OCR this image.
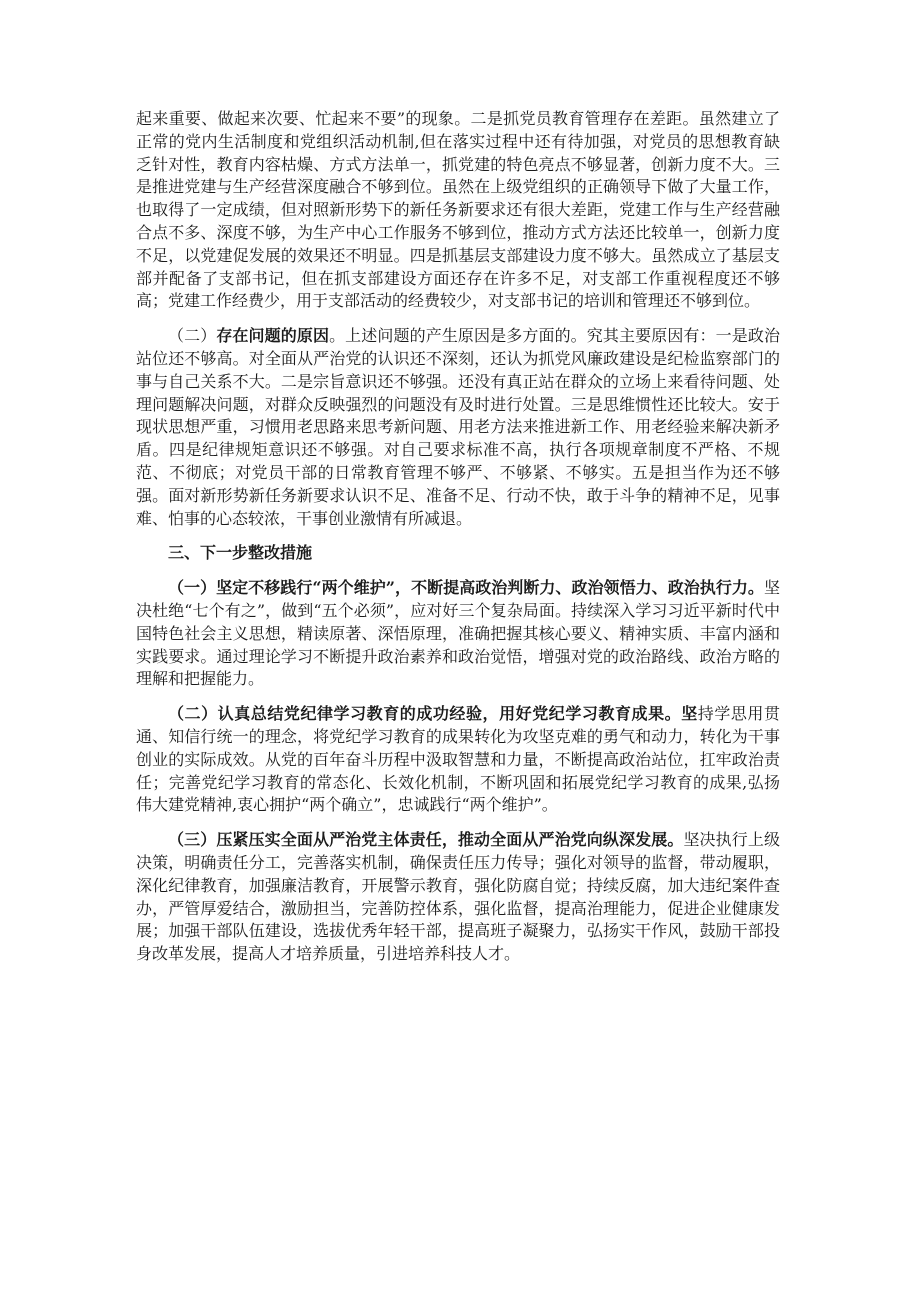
起来重要、做起来次要、忙起来不要”的现象。二是抓党员教育管理存在差距。虽然建立了正常的党内生活制度和党组织活动机制,但在落实过程中还有待加强，对党员的思想教育缺乏针对性，教育内容枯燥、方式方法单一，抓党建的特色亮点不够显著，创新力度不大。三是推进党建与生产经营深度融合不够到位。虽然在上级党组织的正确领导下做了大量工作，也取得了一定成绩，但对照新形势下的新任务新要求还有很大差距，党建工作与生产经营融合点不多、深度不够，为生产中心工作服务不够到位，推动方式方法还比较单一，创新力度不足，以党建促发展的效果还不明显。四是抓基层支部建设力度不够大。虽然成立了基层支部并配备了支部书记，但在抓支部建设方面还存在许多不足，对支部工作重视程度还不够高；党建工作经费少，用于支部活动的经费较少，对支部书记的培训和管理还不够到位。

（二）存在问题的原因。上述问题的产生原因是多方面的。究其主要原因有：一是政治站位还不够高。对全面从严治党的认识还不深刻，还认为抓党风廉政建设是纪检监察部门的事与自己关系不大。二是宗旨意识还不够强。还没有真正站在群众的立场上来看待问题、处理问题解决问题，对群众反映强烈的问题没有及时进行处置。三是思维惯性还比较大。安于现状思想严重，习惯用老思路来思考新问题、用老方法来推进新工作、用老经验来解决新矛盾。四是纪律规矩意识还不够强。对自己要求标准不高，执行各项规章制度不严格、不规范、不彻底；对党员干部的日常教育管理不够严、不够紧、不够实。五是担当作为还不够强。面对新形势新任务新要求认识不足、准备不足、行动不快，敢于斗争的精神不足，见事难、怕事的心态较浓，干事创业激情有所减退。

三、下一步整改措施

（一）坚定不移践行“两个维护”，不断提高政治判断力、政治领悟力、政治执行力。坚决杜绝“七个有之”，做到“五个必须”，应对好三个复杂局面。持续深入学习习近平新时代中国特色社会主义思想，精读原著、深悟原理，准确把握其核心要义、精神实质、丰富内涵和实践要求。通过理论学习不断提升政治素养和政治觉悟，增强对党的政治路线、政治方略的理解和把握能力。

（二）认真总结党纪律学习教育的成功经验，用好党纪学习教育成果。坚持学思用贯通、知信行统一的理念，将党纪学习教育的成果转化为攻坚克难的勇气和动力，转化为干事创业的实际成效。从党的百年奋斗历程中汲取智慧和力量，不断提高政治站位，扛牢政治责任；完善党纪学习教育的常态化、长效化机制，不断巩固和拓展党纪学习教育的成果,弘扬伟大建党精神,衷心拥护“两个确立”，忠诚践行“两个维护”。

（三）压紧压实全面从严治党主体责任，推动全面从严治党向纵深发展。坚决执行上级决策，明确责任分工，完善落实机制，确保责任压力传导；强化对领导的监督，带动履职，深化纪律教育，加强廉洁教育，开展警示教育，强化防腐自觉；持续反腐，加大违纪案件查办，严管厚爱结合，激励担当，完善防控体系，强化监督，提高治理能力，促进企业健康发展；加强干部队伍建设，选拔优秀年轻干部，提高班子凝聚力，弘扬实干作风，鼓励干部投身改革发展，提高人才培养质量，引进培养科技人才。
